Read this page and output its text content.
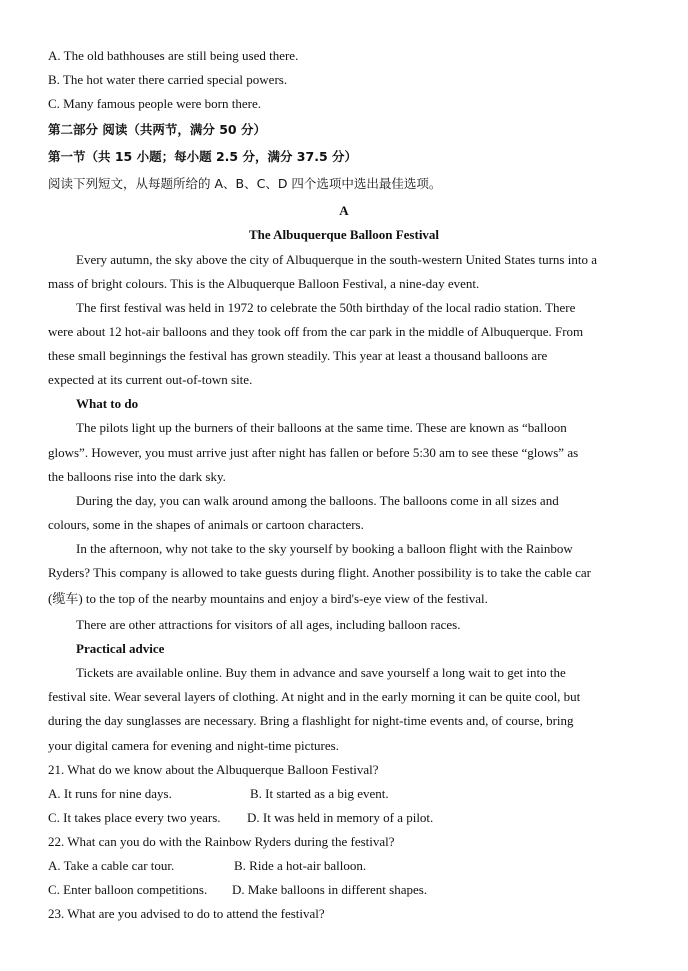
A. The old bathhouses are still being used there.
B. The hot water there carried special powers.
C. Many famous people were born there.
第二部分 阅读（共两节，满分 50 分）
第一节（共 15 小题；每小题 2.5 分，满分 37.5 分）
阅读下列短文，从每题所给的 A、B、C、D 四个选项中选出最佳选项。
A
The Albuquerque Balloon Festival
Every autumn, the sky above the city of Albuquerque in the south-western United States turns into a
mass of bright colours. This is the Albuquerque Balloon Festival, a nine-day event.
The first festival was held in 1972 to celebrate the 50th birthday of the local radio station. There
were about 12 hot-air balloons and they took off from the car park in the middle of Albuquerque. From
these small beginnings the festival has grown steadily. This year at least a thousand balloons are
expected at its current out-of-town site.
What to do
The pilots light up the burners of their balloons at the same time. These are known as “balloon
glows”. However, you must arrive just after night has fallen or before 5:30 am to see these “glows” as
the balloons rise into the dark sky.
During the day, you can walk around among the balloons. The balloons come in all sizes and
colours, some in the shapes of animals or cartoon characters.
In the afternoon, why not take to the sky yourself by booking a balloon flight with the Rainbow
Ryders? This company is allowed to take guests during flight. Another possibility is to take the cable car
(缆车) to the top of the nearby mountains and enjoy a bird's-eye view of the festival.
There are other attractions for visitors of all ages, including balloon races.
Practical advice
Tickets are available online. Buy them in advance and save yourself a long wait to get into the
festival site. Wear several layers of clothing. At night and in the early morning it can be quite cool, but
during the day sunglasses are necessary. Bring a flashlight for night-time events and, of course, bring
your digital camera for evening and night-time pictures.
21. What do we know about the Albuquerque Balloon Festival?
A. It runs for nine days.	B. It started as a big event.
C. It takes place every two years. D. It was held in memory of a pilot.
22. What can you do with the Rainbow Ryders during the festival?
A. Take a cable car tour.	B. Ride a hot-air balloon.
C. Enter balloon competitions. D. Make balloons in different shapes.
23. What are you advised to do to attend the festival?
